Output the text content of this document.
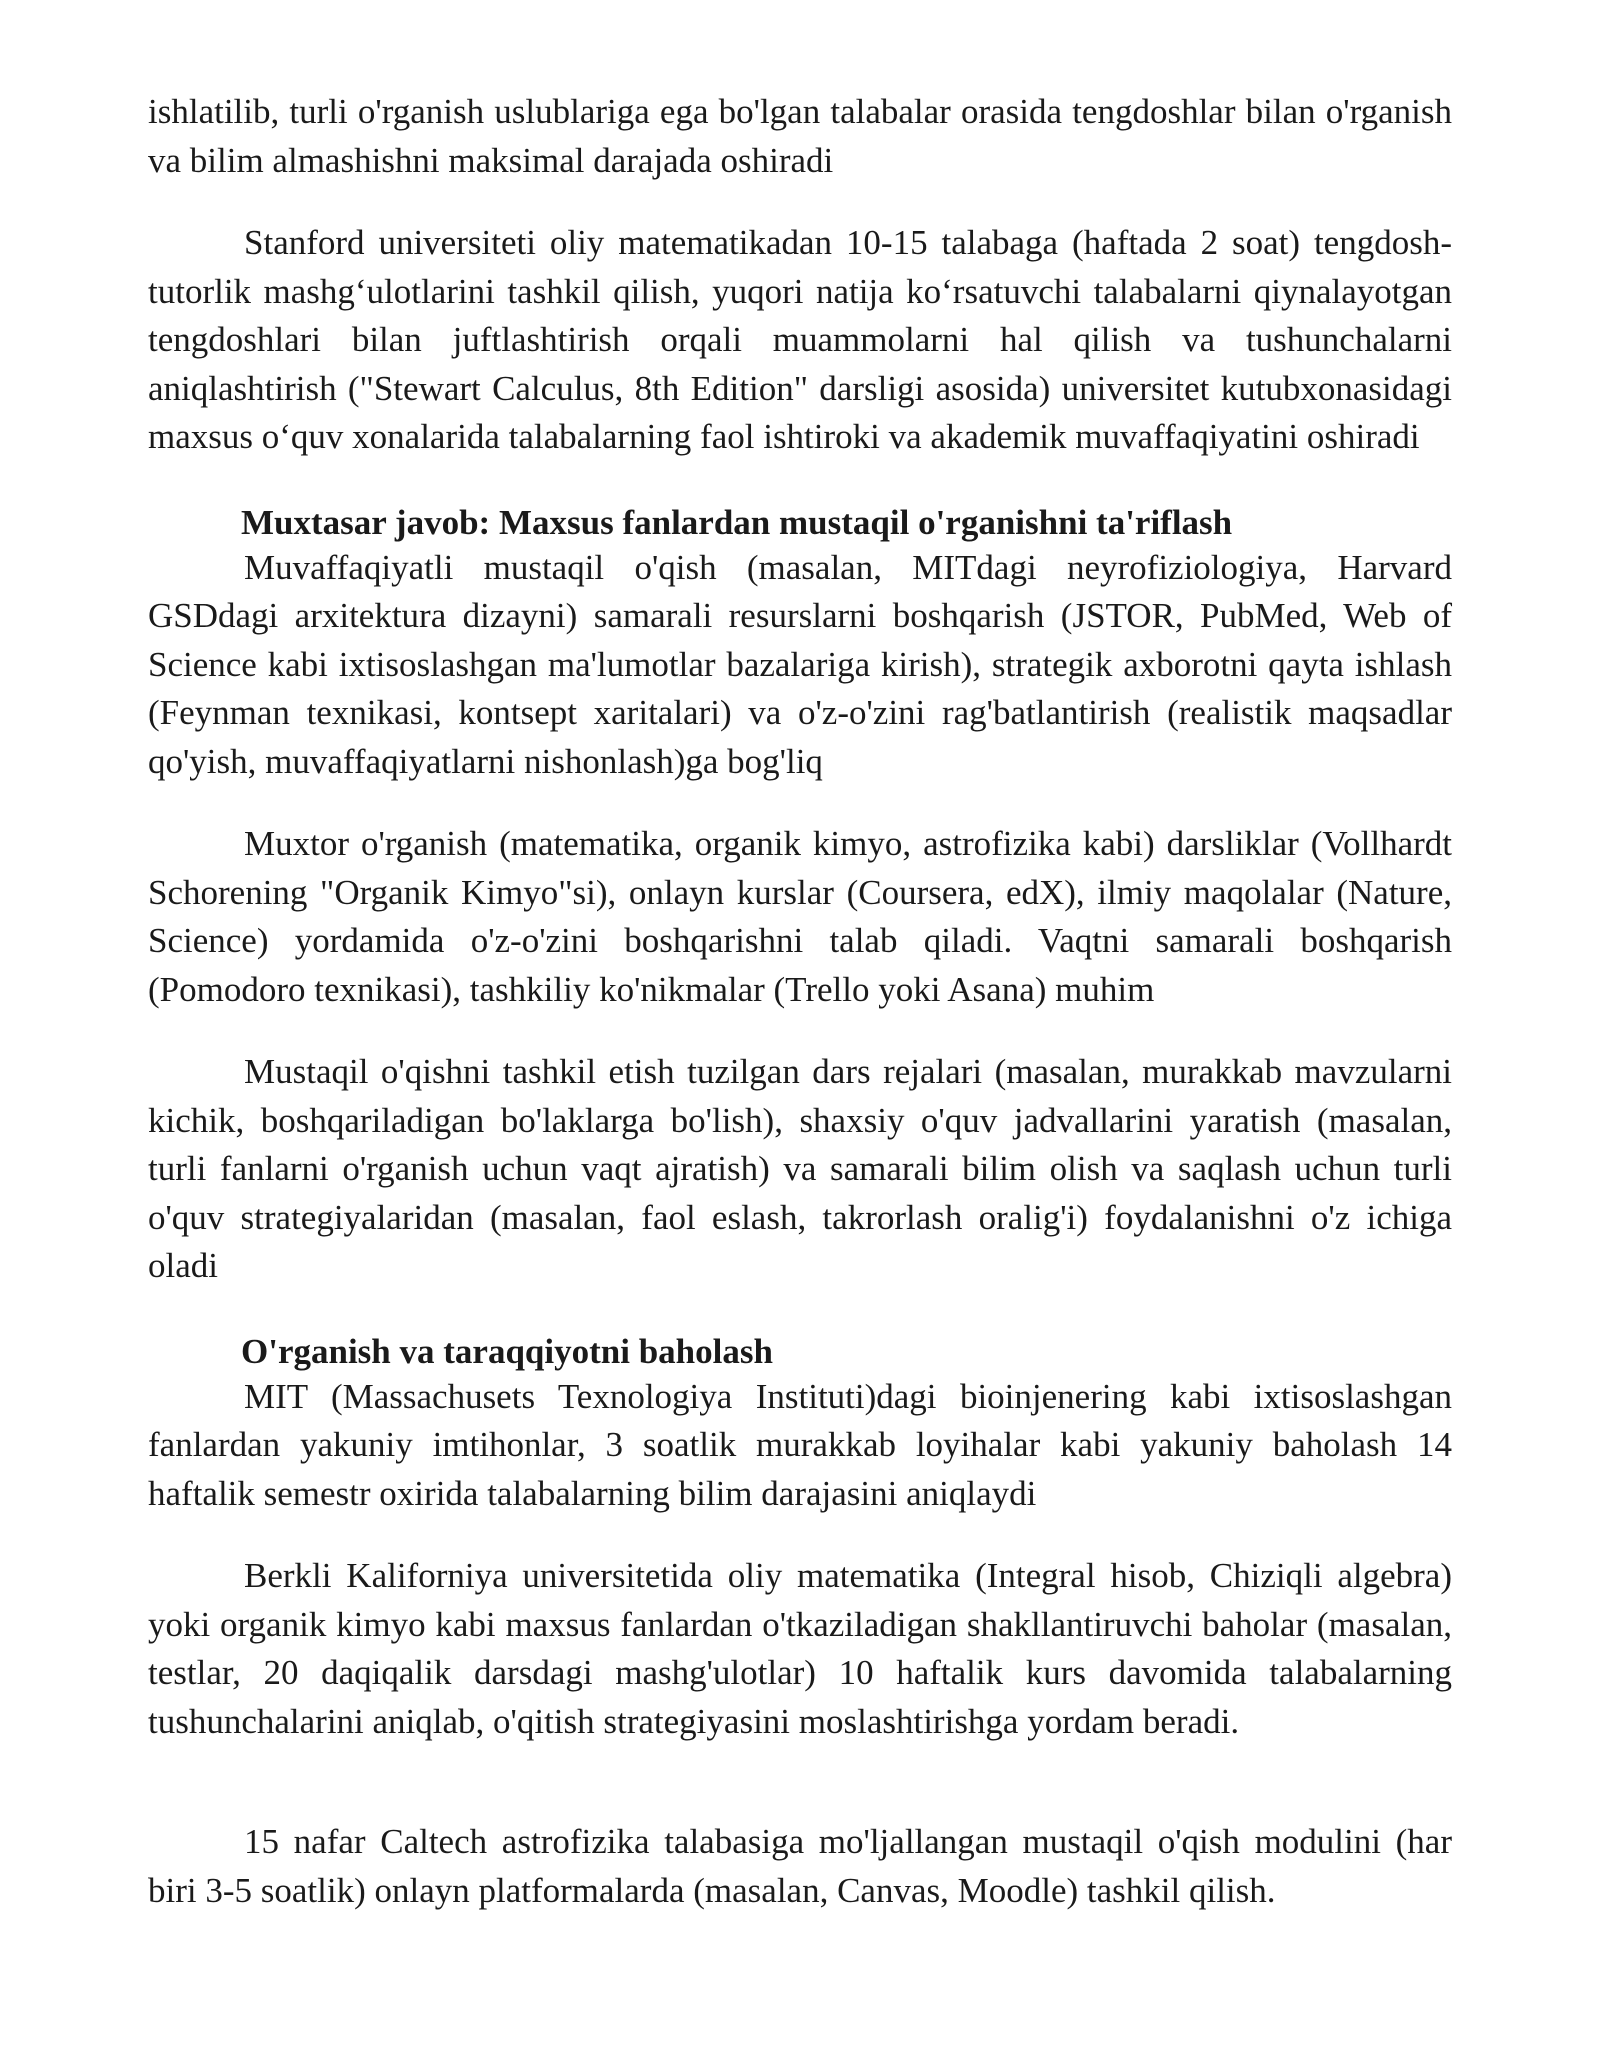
ishlatilib, turli o'rganish uslublariga ega bo'lgan talabalar orasida tengdoshlar bilan o'rganish va bilim almashishni maksimal darajada oshiradi

Stanford universiteti oliy matematikadan 10-15 talabaga (haftada 2 soat) tengdosh-tutorlik mashg‘ulotlarini tashkil qilish, yuqori natija ko‘rsatuvchi talabalarni qiynalayotgan tengdoshlari bilan juftlashtirish orqali muammolarni hal qilish va tushunchalarni aniqlashtirish ("Stewart Calculus, 8th Edition" darsligi asosida) universitet kutubxonasidagi maxsus o‘quv xonalarida talabalarning faol ishtiroki va akademik muvaffaqiyatini oshiradi

Muxtasar javob: Maxsus fanlardan mustaqil o'rganishni ta'riflash

Muvaffaqiyatli mustaqil o'qish (masalan, MITdagi neyrofiziologiya, Harvard GSDdagi arxitektura dizayni) samarali resurslarni boshqarish (JSTOR, PubMed, Web of Science kabi ixtisoslashgan ma'lumotlar bazalariga kirish), strategik axborotni qayta ishlash (Feynman texnikasi, kontsept xaritalari) va o'z-o'zini rag'batlantirish (realistik maqsadlar qo'yish, muvaffaqiyatlarni nishonlash)ga bog'liq

Muxtor o'rganish (matematika, organik kimyo, astrofizika kabi) darsliklar (Vollhardt Schorening "Organik Kimyo"si), onlayn kurslar (Coursera, edX), ilmiy maqolalar (Nature, Science) yordamida o'z-o'zini boshqarishni talab qiladi. Vaqtni samarali boshqarish (Pomodoro texnikasi), tashkiliy ko'nikmalar (Trello yoki Asana) muhim

Mustaqil o'qishni tashkil etish tuzilgan dars rejalari (masalan, murakkab mavzularni kichik, boshqariladigan bo'laklarga bo'lish), shaxsiy o'quv jadvallarini yaratish (masalan, turli fanlarni o'rganish uchun vaqt ajratish) va samarali bilim olish va saqlash uchun turli o'quv strategiyalaridan (masalan, faol eslash, takrorlash oralig'i) foydalanishni o'z ichiga oladi

O'rganish va taraqqiyotni baholash

MIT (Massachusets Texnologiya Instituti)dagi bioinjenering kabi ixtisoslashgan fanlardan yakuniy imtihonlar, 3 soatlik murakkab loyihalar kabi yakuniy baholash 14 haftalik semestr oxirida talabalarning bilim darajasini aniqlaydi

Berkli Kaliforniya universitetida oliy matematika (Integral hisob, Chiziqli algebra) yoki organik kimyo kabi maxsus fanlardan o'tkaziladigan shakllantiruvchi baholar (masalan, testlar, 20 daqiqalik darsdagi mashg'ulotlar) 10 haftalik kurs davomida talabalarning tushunchalarini aniqlab, o'qitish strategiyasini moslashtirishga yordam beradi.

15 nafar Caltech astrofizika talabasiga mo'ljallangan mustaqil o'qish modulini (har biri 3-5 soatlik) onlayn platformalarda (masalan, Canvas, Moodle) tashkil qilish.
